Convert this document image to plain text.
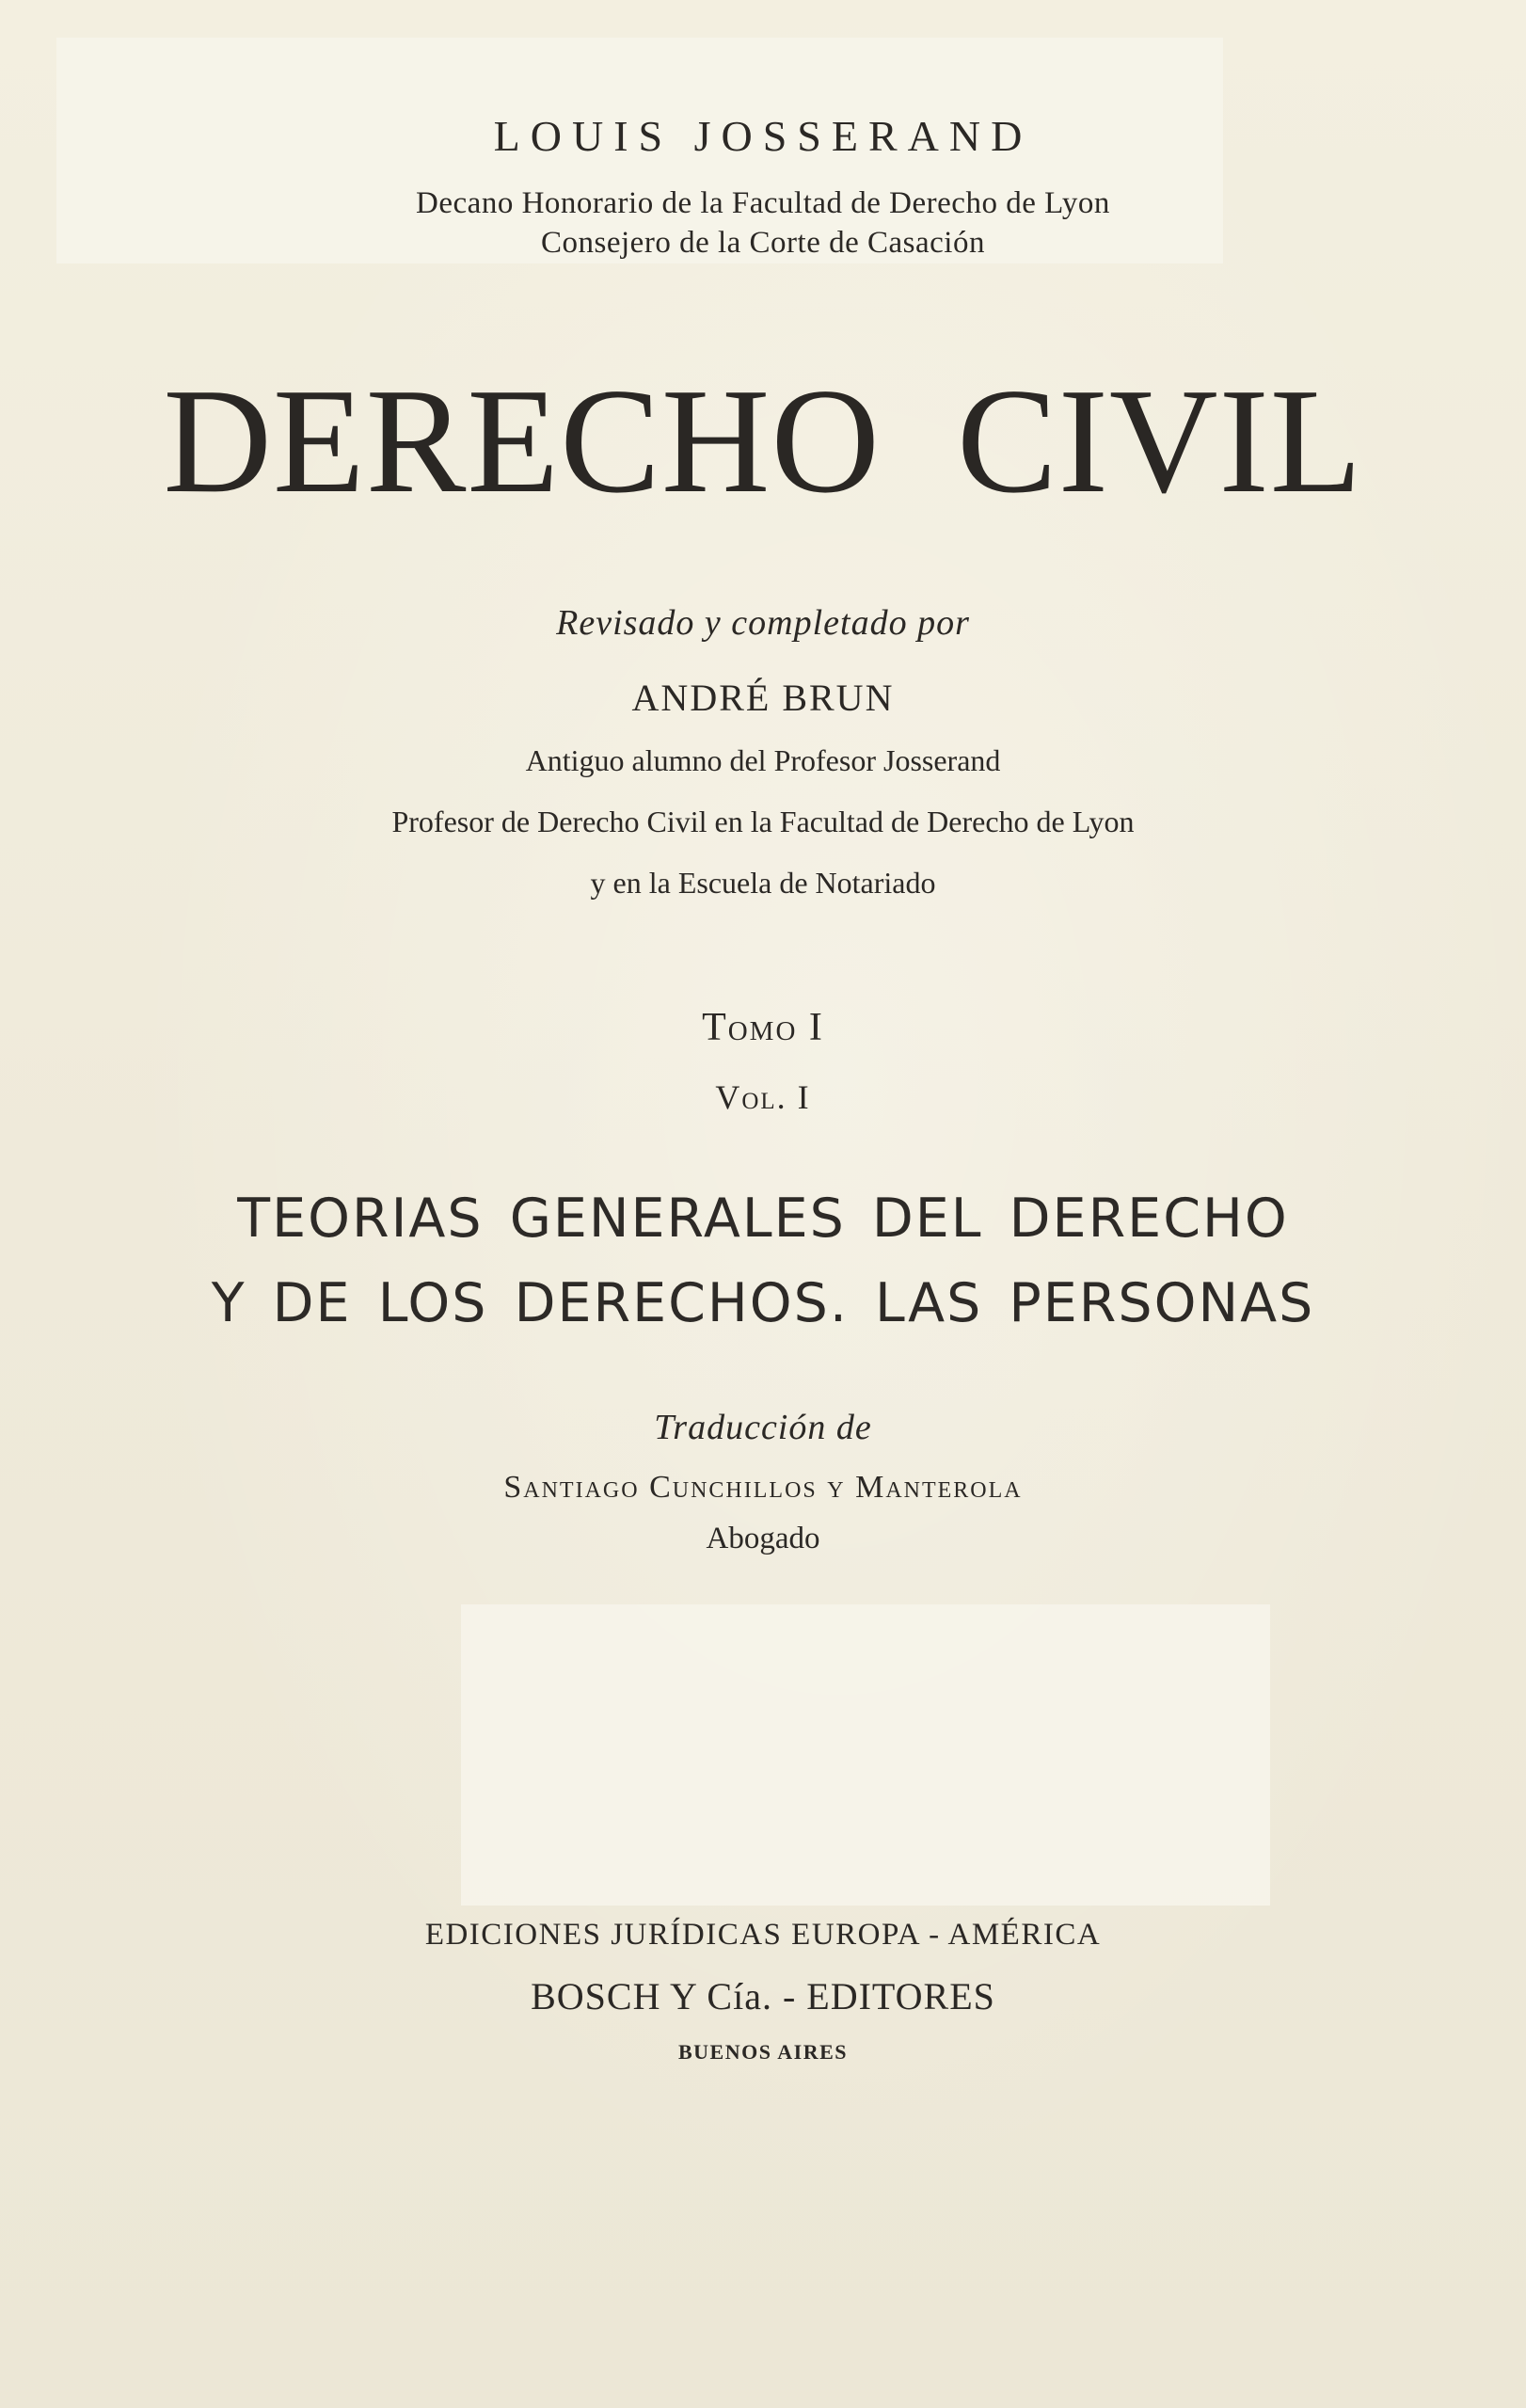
LOUIS JOSSERAND
Decano Honorario de la Facultad de Derecho de Lyon
Consejero de la Corte de Casación
DERECHO CIVIL
Revisado y completado por
ANDRÉ BRUN
Antiguo alumno del Profesor Josserand
Profesor de Derecho Civil en la Facultad de Derecho de Lyon
y en la Escuela de Notariado
Tomo I
Vol. I
TEORIAS GENERALES DEL DERECHO
Y DE LOS DERECHOS. LAS PERSONAS
Traducción de
Santiago Cunchillos y Manterola
Abogado
EDICIONES JURÍDICAS EUROPA - AMÉRICA
BOSCH Y Cía. - EDITORES
BUENOS AIRES
